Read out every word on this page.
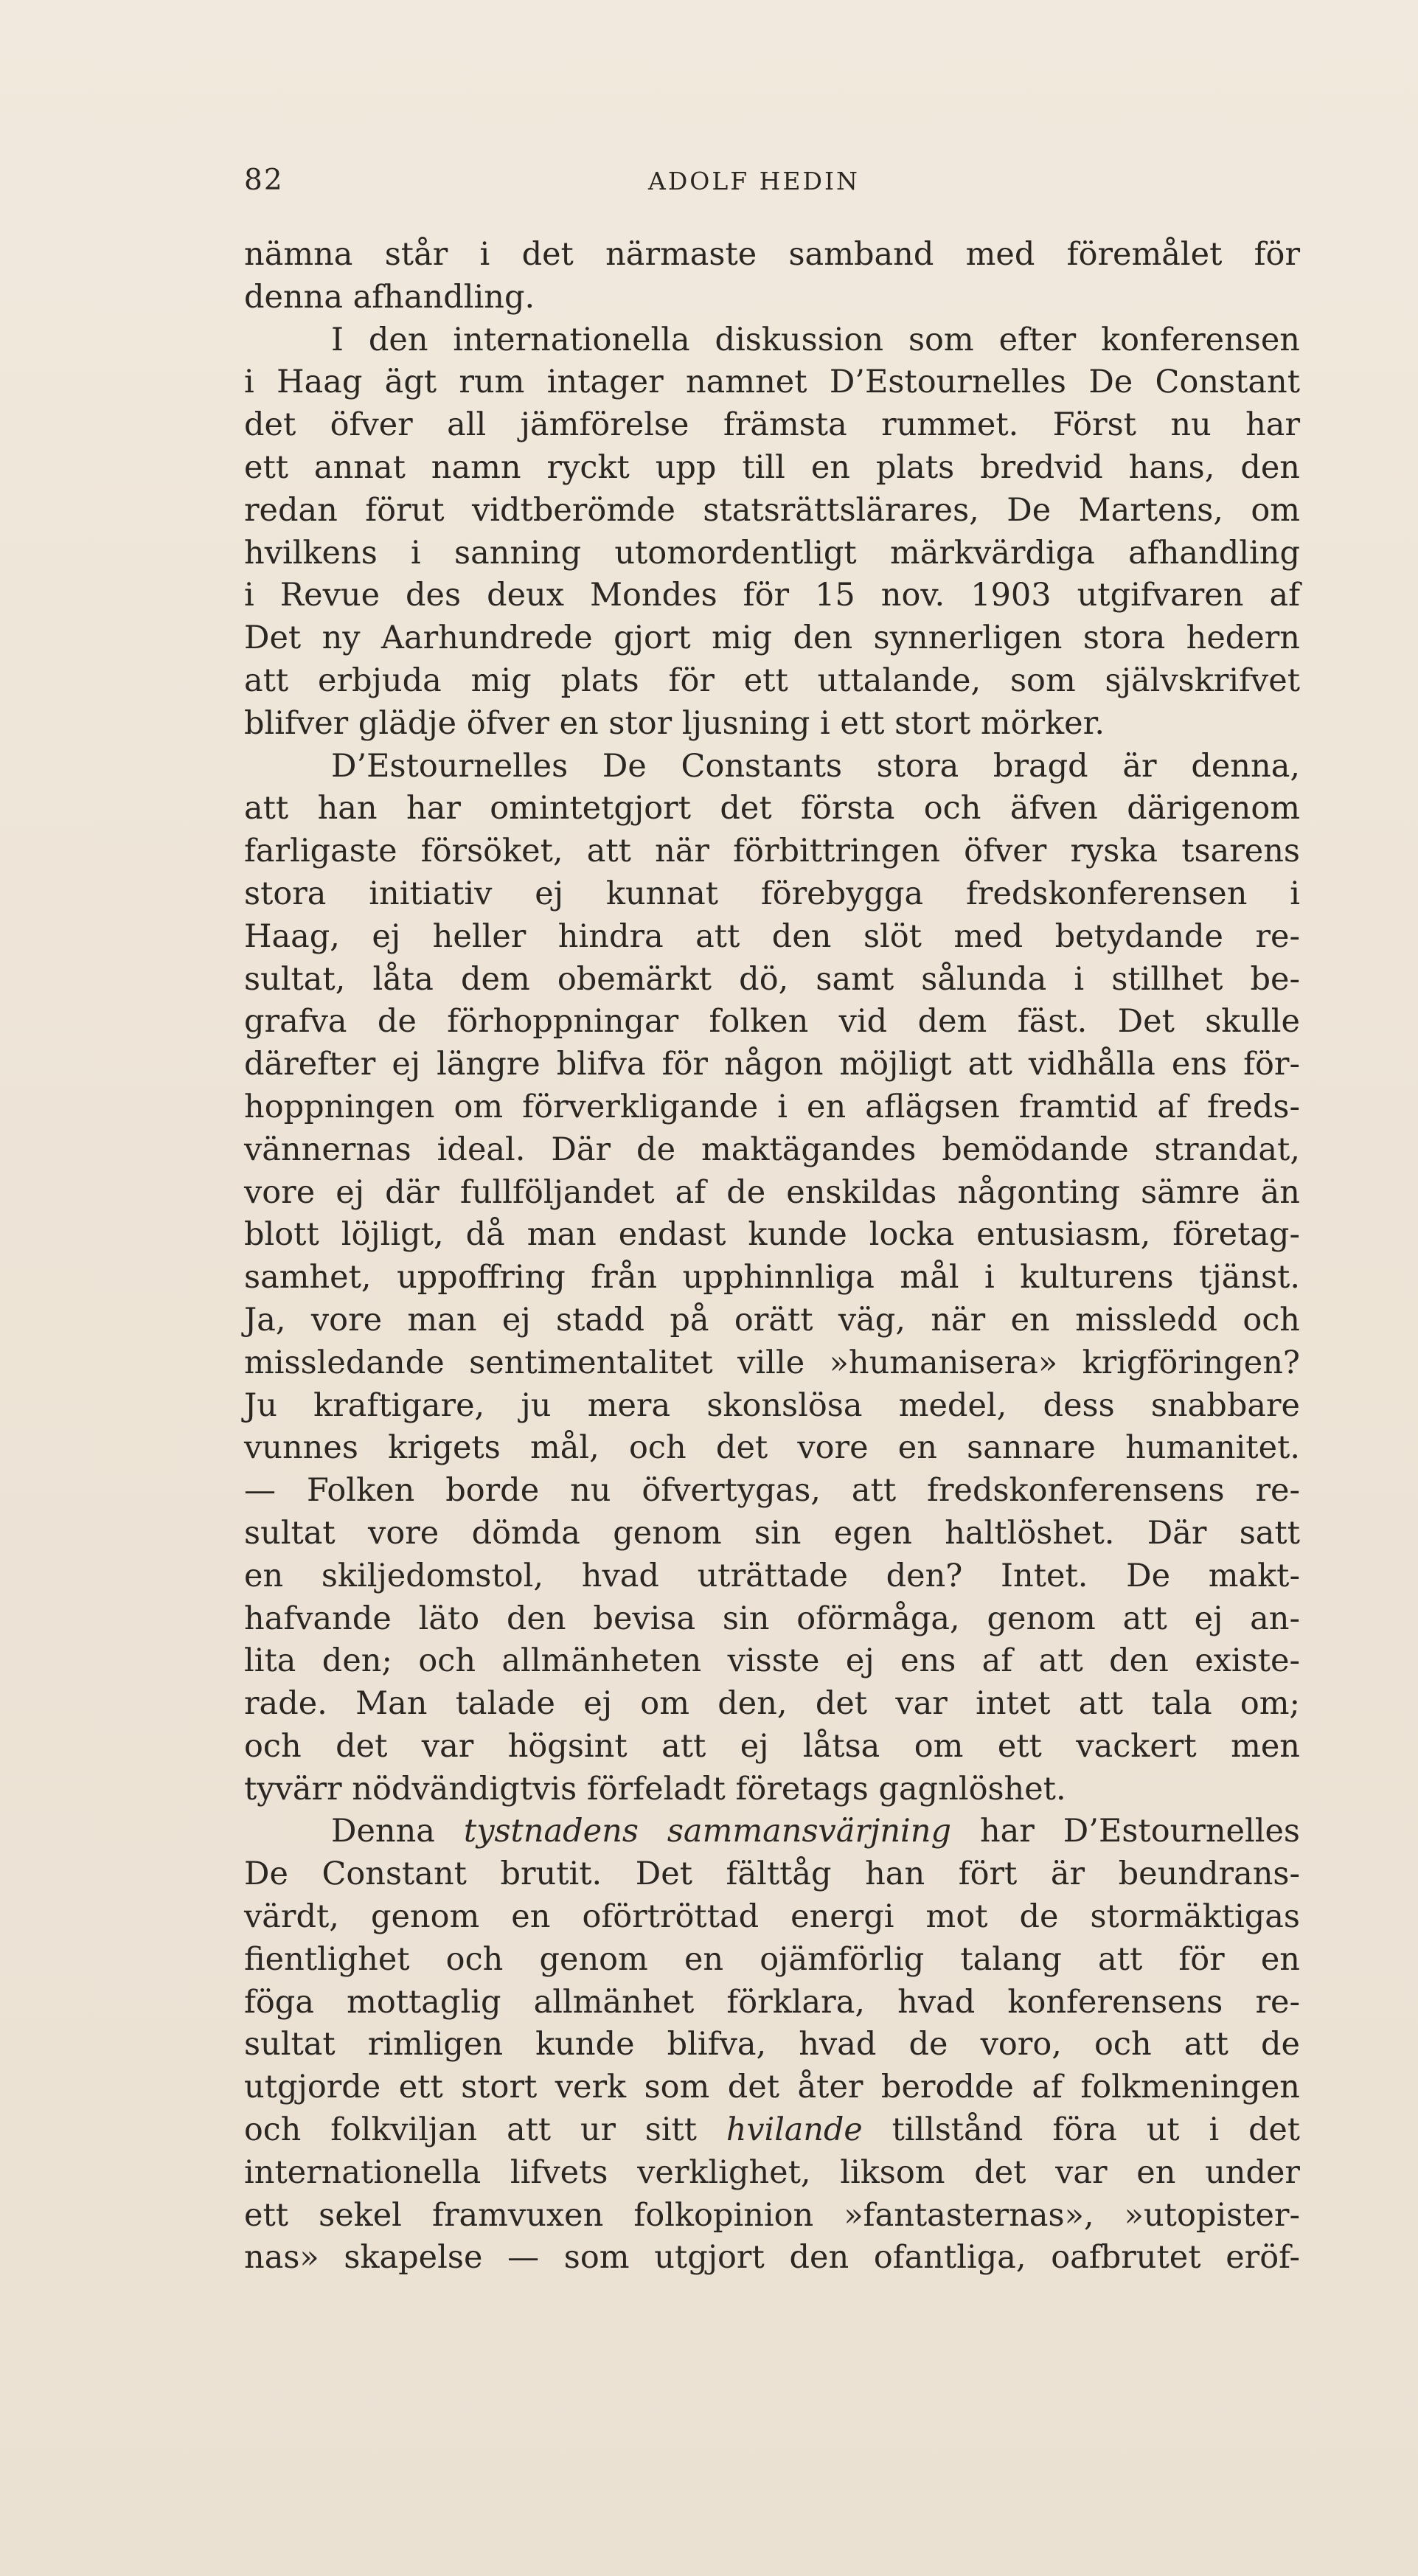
82	ADOLF HEDIN
nämna står i det närmaste samband med föremålet för
denna afhandling.
I den internationella diskussion som efter konferensen
i Haag ägt rum intager namnet D’Estournelles De Constant
det öfver all jämförelse främsta rummet. Först nu har
ett annat namn ryckt upp till en plats bredvid hans, den
redan förut vidtberömde statsrättslärares, De Martens, om
hvilkens i sanning utomordentligt märkvärdiga afhandling
i Revue des deux Mondes för 15 nov. 1903 utgifvaren af
Det ny Aarhundrede gjort mig den synnerligen stora hedern
att erbjuda mig plats för ett uttalande, som självskrifvet
blifver glädje öfver en stor ljusning i ett stort mörker.
D’Estournelles De Constants stora bragd är denna,
att han har omintetgjort det första och äfven därigenom
farligaste försöket, att när förbittringen öfver ryska tsarens
stora initiativ ej kunnat förebygga fredskonferensen i
Haag, ej heller hindra att den slöt med betydande re-
sultat, låta dem obemärkt dö, samt sålunda i stillhet be-
grafva de förhoppningar folken vid dem fäst. Det skulle
därefter ej längre blifva för någon möjligt att vidhålla ens för-
hoppningen om förverkligande i en aflägsen framtid af freds-
vännernas ideal. Där de maktägandes bemödande strandat,
vore ej där fullföljandet af de enskildas någonting sämre än
blott löjligt, då man endast kunde locka entusiasm, företag-
samhet, uppoffring från upphinnliga mål i kulturens tjänst.
Ja, vore man ej stadd på orätt väg, när en missledd och
missledande sentimentalitet ville »humanisera» krigföringen?
Ju kraftigare, ju mera skonslösa medel, dess snabbare
vunnes krigets mål, och det vore en sannare humanitet.
— Folken borde nu öfvertygas, att fredskonferensens re-
sultat vore dömda genom sin egen haltlöshet. Där satt
en skiljedomstol, hvad uträttade den? Intet. De makt-
hafvande läto den bevisa sin oförmåga, genom att ej an-
lita den; och allmänheten visste ej ens af att den existe-
rade. Man talade ej om den, det var intet att tala om;
och det var högsint att ej låtsa om ett vackert men
tyvärr nödvändigtvis förfeladt företags gagnlöshet.
Denna tystnadens sammansvärjning har D’Estournelles
De Constant brutit. Det fälttåg han fört är beundrans-
värdt, genom en oförtröttad energi mot de stormäktigas
fientlighet och genom en ojämförlig talang att för en
föga mottaglig allmänhet förklara, hvad konferensens re-
sultat rimligen kunde blifva, hvad de voro, och att de
utgjorde ett stort verk som det åter berodde af folkmeningen
och folkviljan att ur sitt hvilande tillstånd föra ut i det
internationella lifvets verklighet, liksom det var en under
ett sekel framvuxen folkopinion »fantasternas», »utopister-
nas» skapelse — som utgjort den ofantliga, oafbrutet eröf-
